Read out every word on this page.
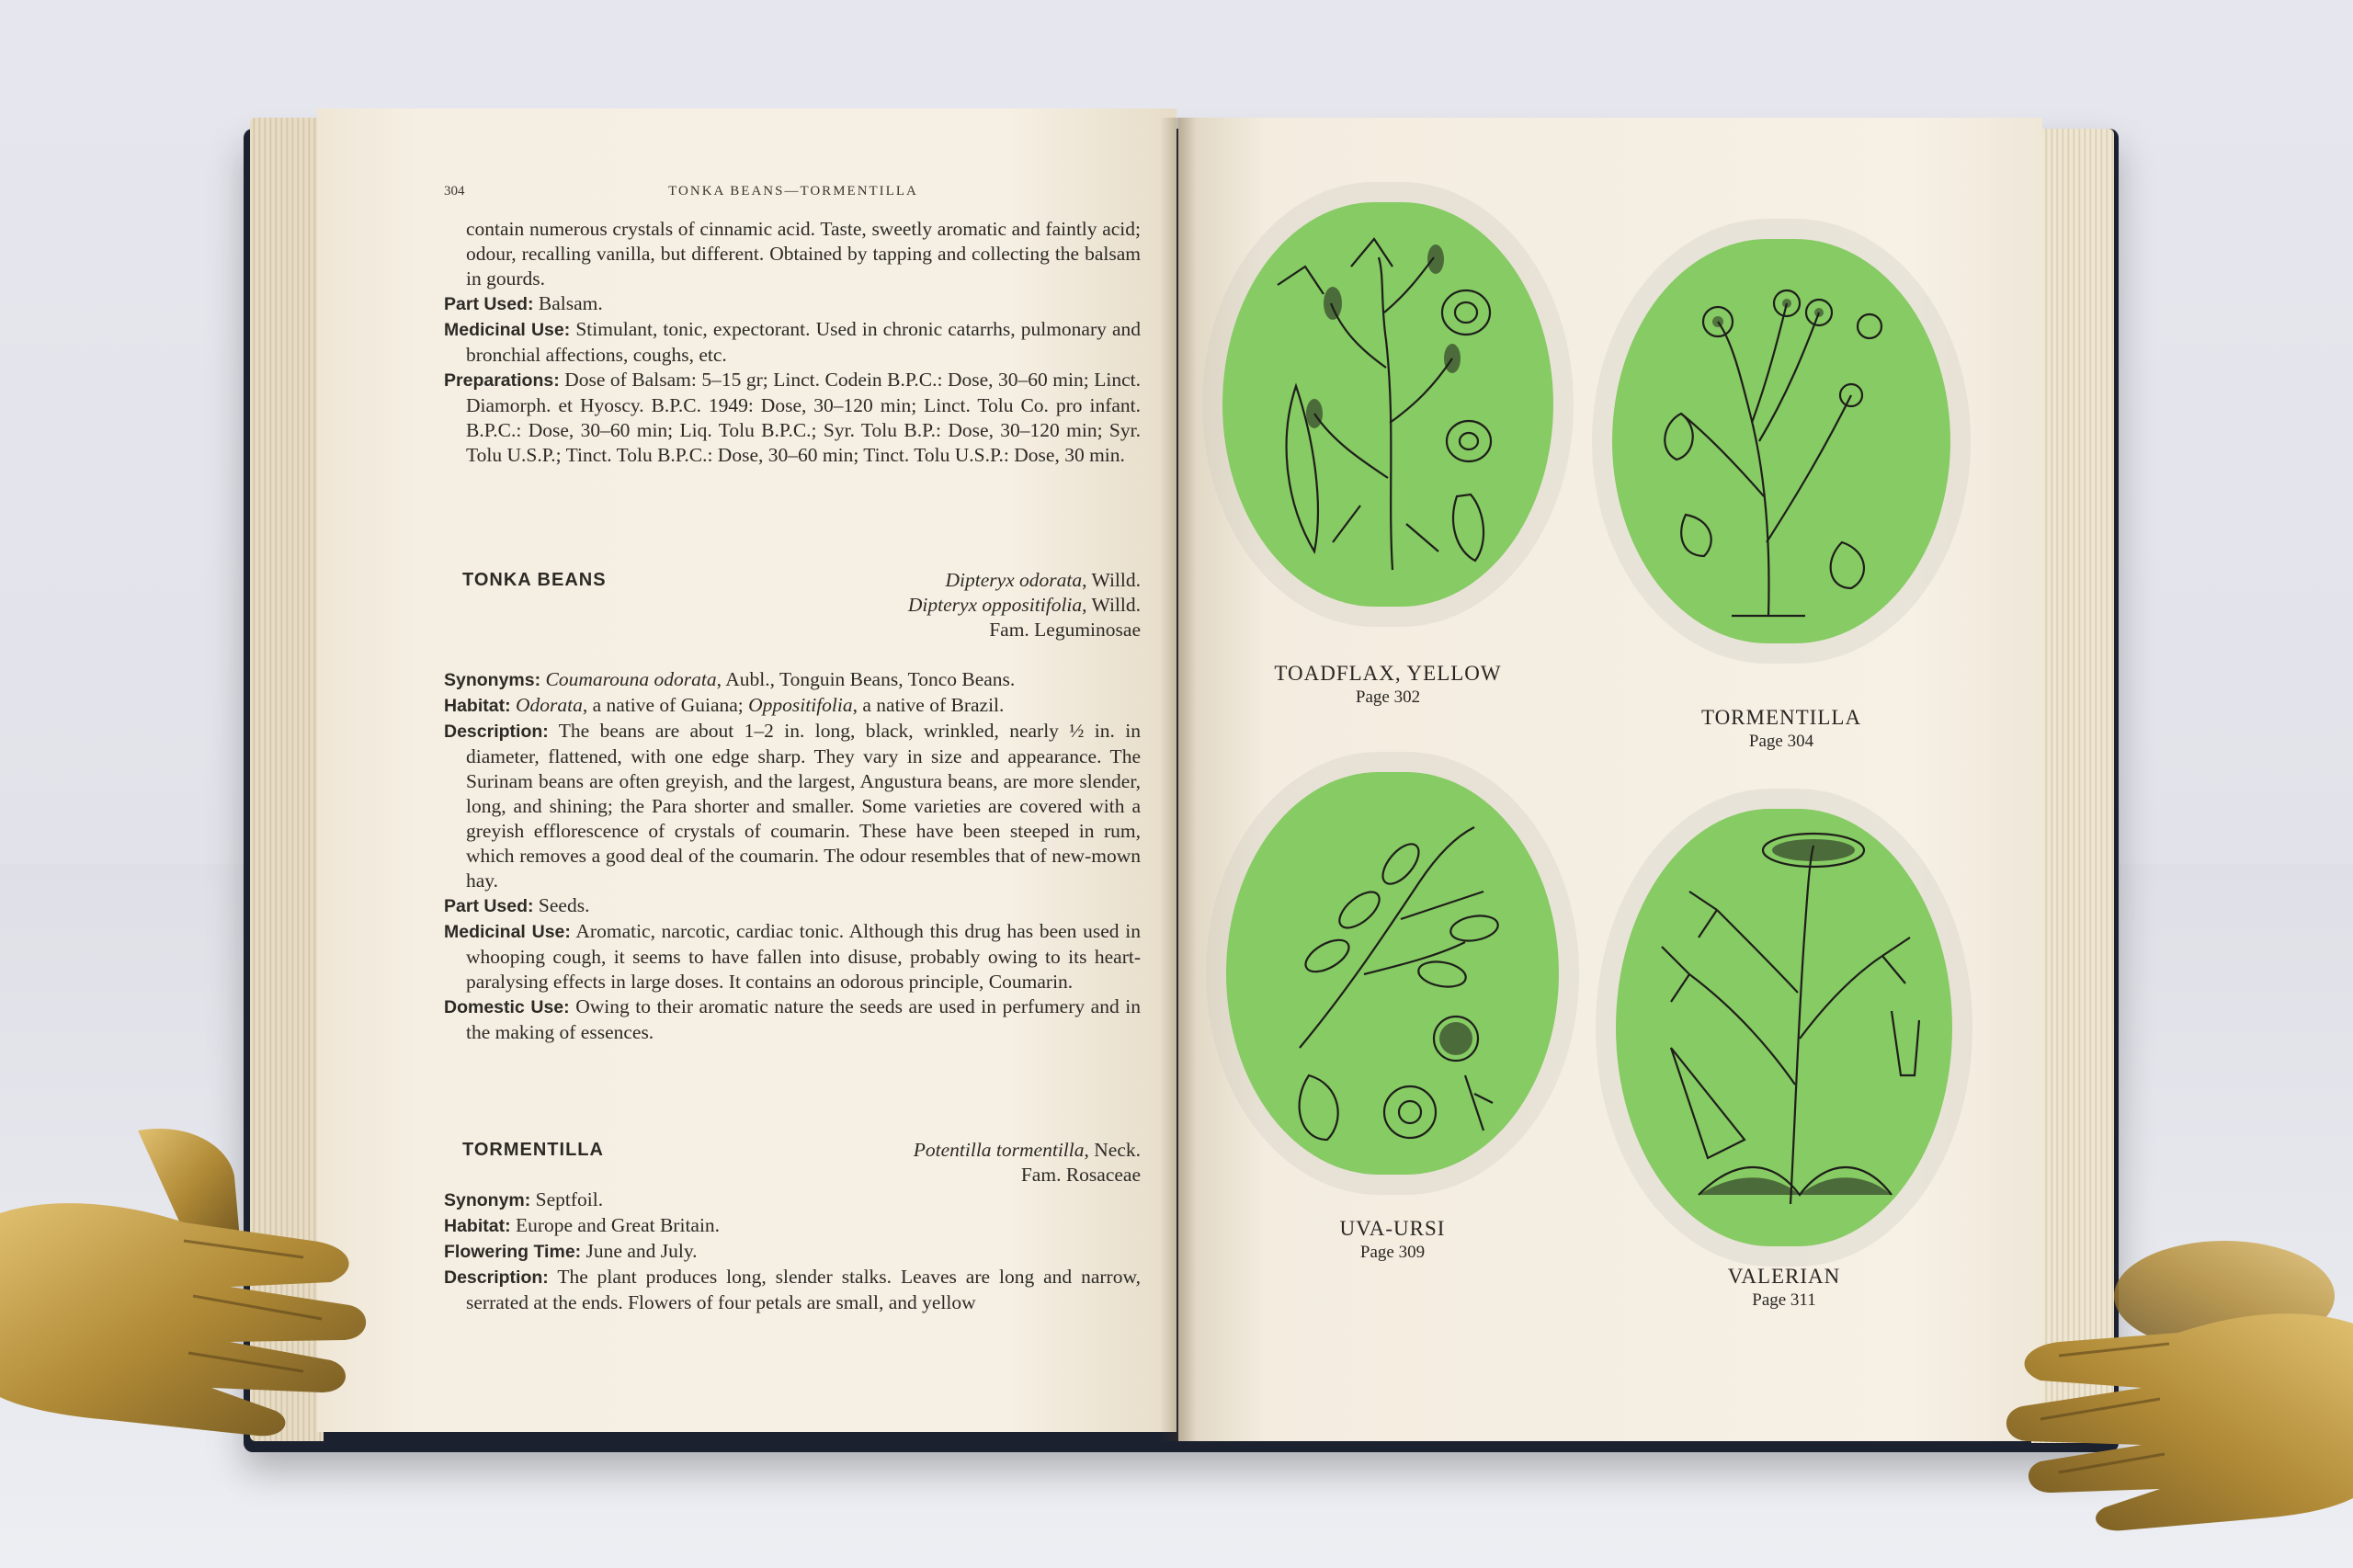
304	TONKA BEANS—TORMENTILLA

contain numerous crystals of cinnamic acid. Taste, sweetly aromatic and faintly acid; odour, recalling vanilla, but different. Obtained by tapping and collecting the balsam in gourds.

Part Used: Balsam.

Medicinal Use: Stimulant, tonic, expectorant. Used in chronic catarrhs, pulmonary and bronchial affections, coughs, etc.

Preparations: Dose of Balsam: 5–15 gr; Linct. Codein B.P.C.: Dose, 30–60 min; Linct. Diamorph. et Hyoscy. B.P.C. 1949: Dose, 30–120 min; Linct. Tolu Co. pro infant. B.P.C.: Dose, 30–60 min; Liq. Tolu B.P.C.; Syr. Tolu B.P.: Dose, 30–120 min; Syr. Tolu U.S.P.; Tinct. Tolu B.P.C.: Dose, 30–60 min; Tinct. Tolu U.S.P.: Dose, 30 min.

TONKA BEANS	Dipteryx odorata, Willd.
Dipteryx oppositifolia, Willd.
Fam. Leguminosae

Synonyms: Coumarouna odorata, Aubl., Tonguin Beans, Tonco Beans.

Habitat: Odorata, a native of Guiana; Oppositifolia, a native of Brazil.

Description: The beans are about 1–2 in. long, black, wrinkled, nearly ½ in. in diameter, flattened, with one edge sharp. They vary in size and appearance. The Surinam beans are often greyish, and the largest, Angustura beans, are more slender, long, and shining; the Para shorter and smaller. Some varieties are covered with a greyish efflorescence of crystals of coumarin. These have been steeped in rum, which removes a good deal of the coumarin. The odour resembles that of new-mown hay.

Part Used: Seeds.

Medicinal Use: Aromatic, narcotic, cardiac tonic. Although this drug has been used in whooping cough, it seems to have fallen into disuse, probably owing to its heart-paralysing effects in large doses. It contains an odorous principle, Coumarin.

Domestic Use: Owing to their aromatic nature the seeds are used in perfumery and in the making of essences.

TORMENTILLA	Potentilla tormentilla, Neck.
Fam. Rosaceae

Synonym: Septfoil.

Habitat: Europe and Great Britain.

Flowering Time: June and July.

Description: The plant produces long, slender stalks. Leaves are long and narrow, serrated at the ends. Flowers of four petals are small, and yellow

TOADFLAX, YELLOW
Page 302
TORMENTILLA
Page 304
UVA-URSI
Page 309
VALERIAN
Page 311
